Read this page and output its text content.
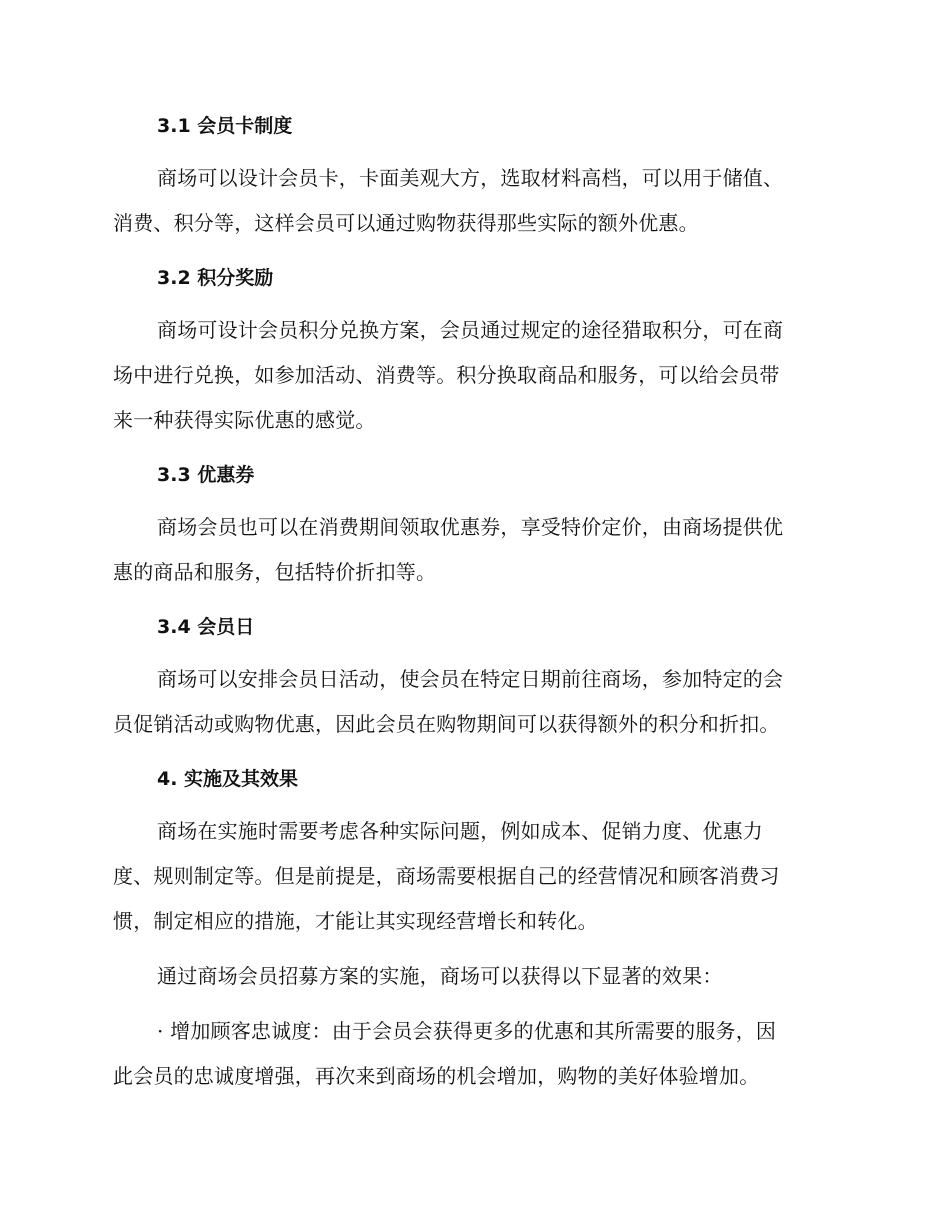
3.1 会员卡制度

商场可以设计会员卡，卡面美观大方，选取材料高档，可以用于储值、
消费、积分等，这样会员可以通过购物获得那些实际的额外优惠。

3.2 积分奖励

商场可设计会员积分兑换方案，会员通过规定的途径猎取积分，可在商
场中进行兑换，如参加活动、消费等。积分换取商品和服务，可以给会员带
来一种获得实际优惠的感觉。

3.3 优惠券

商场会员也可以在消费期间领取优惠券，享受特价定价，由商场提供优
惠的商品和服务，包括特价折扣等。

3.4 会员日

商场可以安排会员日活动，使会员在特定日期前往商场，参加特定的会
员促销活动或购物优惠，因此会员在购物期间可以获得额外的积分和折扣。

4. 实施及其效果

商场在实施时需要考虑各种实际问题，例如成本、促销力度、优惠力
度、规则制定等。但是前提是，商场需要根据自己的经营情况和顾客消费习
惯，制定相应的措施，才能让其实现经营增长和转化。

通过商场会员招募方案的实施，商场可以获得以下显著的效果：

· 增加顾客忠诚度：由于会员会获得更多的优惠和其所需要的服务，因
此会员的忠诚度增强，再次来到商场的机会增加，购物的美好体验增加。
